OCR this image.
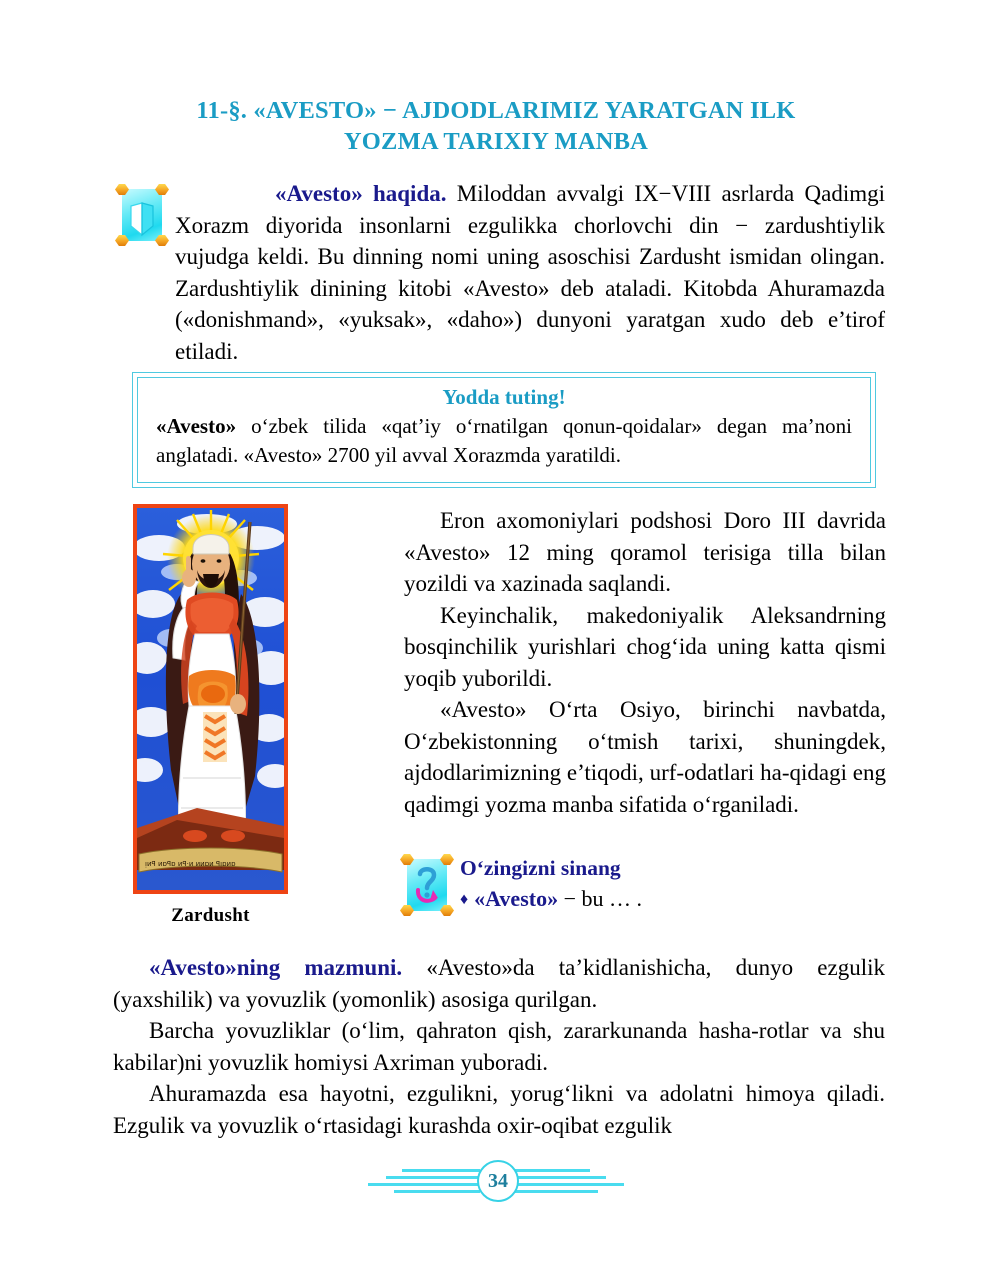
11-§. «AVESTO» − AJDODLARIMIZ YARATGAN ILK
YOZMA TARIXIY MANBA
«Avesto» haqida. Miloddan avvalgi IX−VIII asrlarda Qadimgi Xorazm diyorida insonlarni ezgulikka chorlovchi din − zardushtiylik vujudga keldi. Bu dinning nomi uning asoschisi Zardusht ismidan olingan. Zardushtiylik dinining kitobi «Avesto» deb ataladi. Kitobda Ahuramazda («donishmand», «yuksak», «daho») dunyoni yaratgan xudo deb e’tirof etiladi.
Yodda tuting!
«Avesto» o‘zbek tilida «qat’iy o‘rnatilgan qonun-qoidalar» degan ma’noni anglatadi. «Avesto» 2700 yil avval Xorazmda yaratildi.
ᴉᴎꟼ ᴎɒꟼɒ ᴎꟼ·ᴎ ᴎᴎɒᴎ ꟼᴉɒᴎɒ
Zardusht

Eron axomoniylari podshosi Doro III davrida «Avesto» 12 ming qoramol terisiga tilla bilan yozildi va xazinada saqlandi.

Keyinchalik, makedoniyalik Aleksandrning bosqinchilik yurishlari chog‘ida uning katta qismi yoqib yuborildi.

«Avesto» O‘rta Osiyo, birinchi navbatda, O‘zbekistonning o‘tmish tarixi, shuningdek, ajdodlarimizning e’tiqodi, urf-odatlari ha-qidagi eng qadimgi yozma manba sifatida o‘rganiladi.

O‘zingizni sinang
♦ «Avesto» − bu … .

«Avesto»ning mazmuni. «Avesto»da ta’kidlanishicha, dunyo ezgulik (yaxshilik) va yovuzlik (yomonlik) asosiga qurilgan.

Barcha yovuzliklar (o‘lim, qahraton qish, zararkunanda hasha-rotlar va shu kabilar)ni yovuzlik homiysi Axriman yuboradi.

Ahuramazda esa hayotni, ezgulikni, yorug‘likni va adolatni himoya qiladi. Ezgulik va yovuzlik o‘rtasidagi kurashda oxir-oqibat ezgulik

34
